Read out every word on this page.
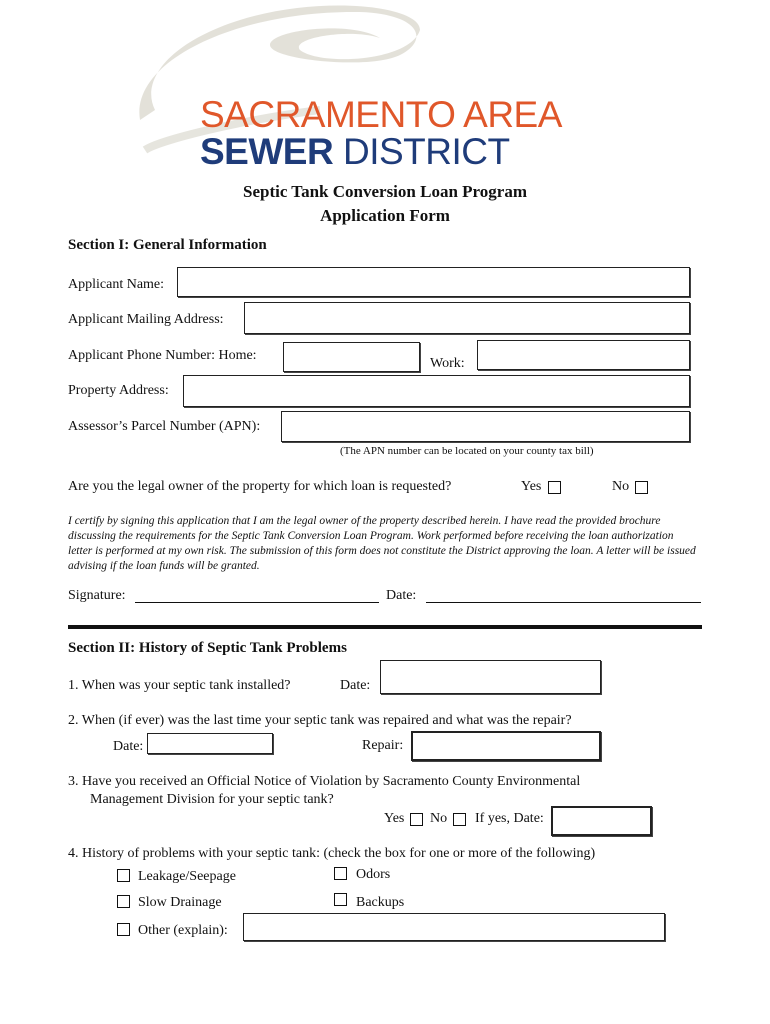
SACRAMENTO AREA
SEWER DISTRICT
Septic Tank Conversion Loan Program
Application Form
Section I: General Information
Applicant Name:
Applicant Mailing Address:
Applicant Phone Number: Home:
Work:
Property Address:
Assessor’s Parcel Number (APN):
(The APN number can be located on your county tax bill)
Are you the legal owner of the property for which loan is requested?	Yes	No
I certify by signing this application that I am the legal owner of the property described herein. I have read the provided brochure discussing the requirements for the Septic Tank Conversion Loan Program. Work performed before receiving the loan authorization letter is performed at my own risk. The submission of this form does not constitute the District approving the loan. A letter will be issued advising if the loan funds will be granted.
Signature:	Date:
Section II: History of Septic Tank Problems
1. When was your septic tank installed?	Date:
2. When (if ever) was the last time your septic tank was repaired and what was the repair?
Date:	Repair:
3. Have you received an Official Notice of Violation by Sacramento County Environmental
Management Division for your septic tank?
Yes No If yes, Date:
4. History of problems with your septic tank: (check the box for one or more of the following)
Leakage/Seepage	Odors
Slow Drainage	Backups
Other (explain):
